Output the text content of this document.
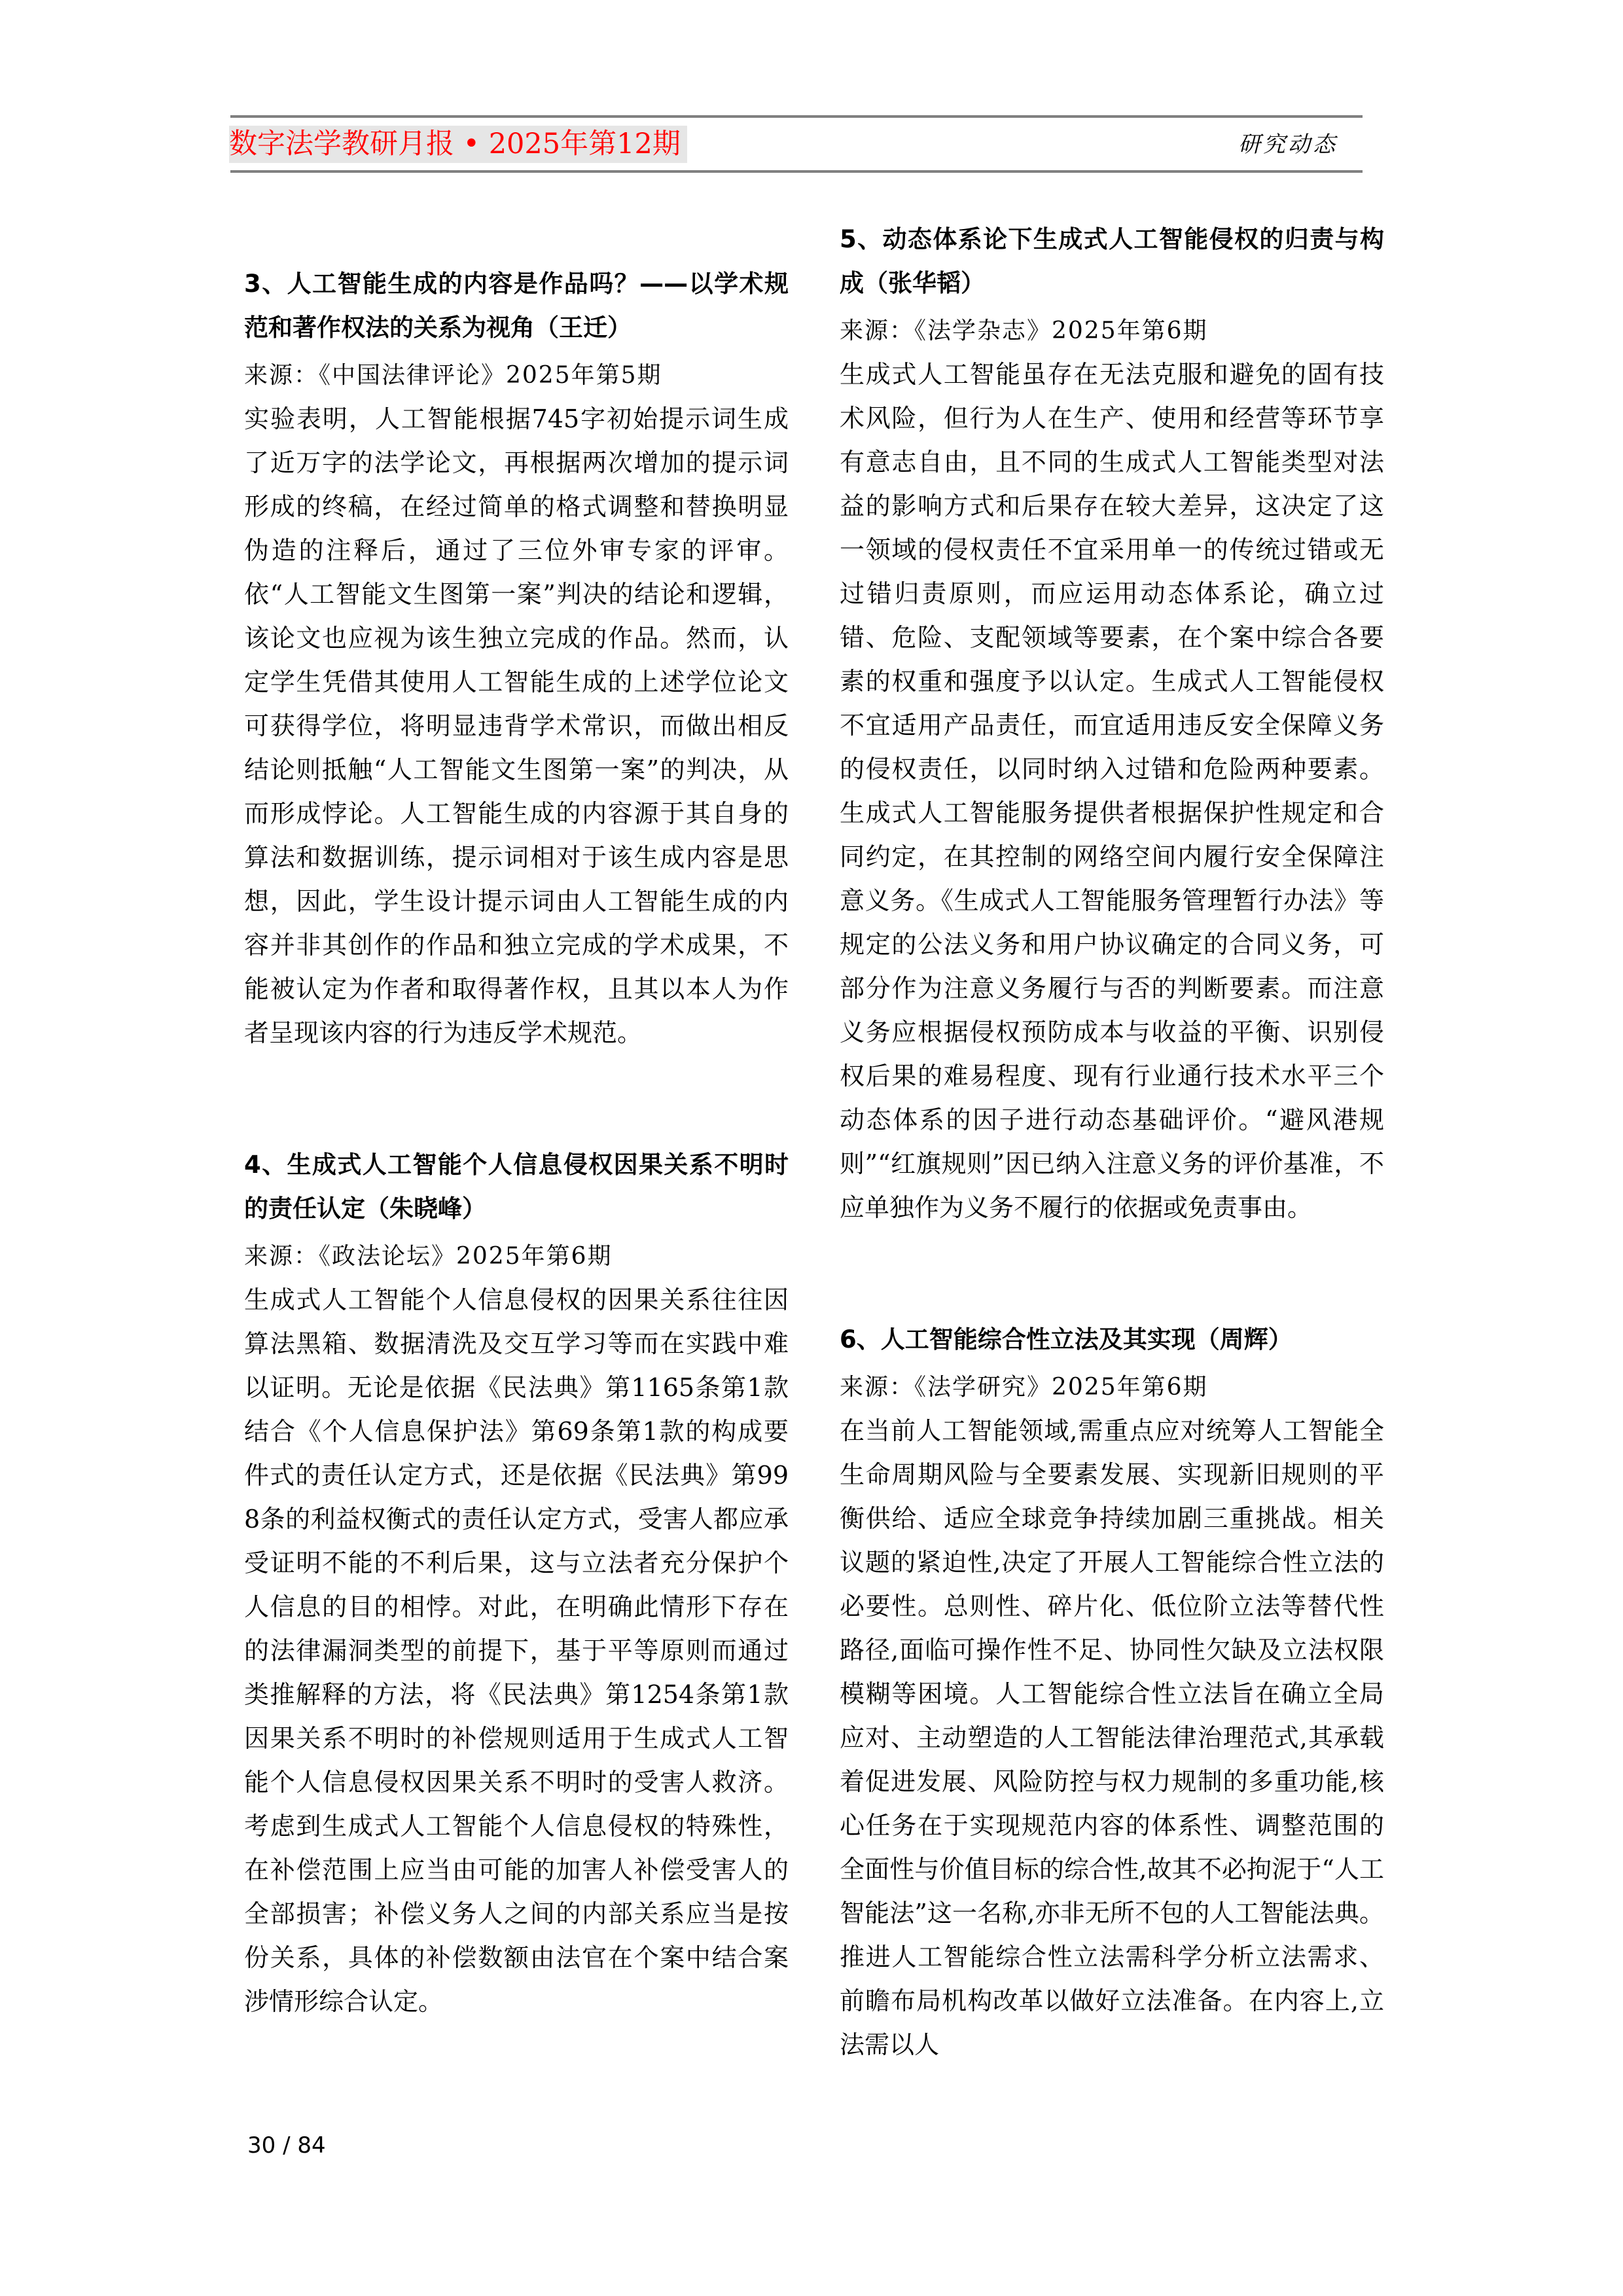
数字法学教研月报 • 2025年第12期	研究动态

3、人工智能生成的内容是作品吗？——以学术规范和著作权法的关系为视角（王迁）

来源：《中国法律评论》2025年第5期

实验表明，人工智能根据745字初始提示词生成了近万字的法学论文，再根据两次增加的提示词形成的终稿，在经过简单的格式调整和替换明显伪造的注释后，通过了三位外审专家的评审。依“人工智能文生图第一案”判决的结论和逻辑，该论文也应视为该生独立完成的作品。然而，认定学生凭借其使用人工智能生成的上述学位论文可获得学位，将明显违背学术常识，而做出相反结论则抵触“人工智能文生图第一案”的判决，从而形成悖论。人工智能生成的内容源于其自身的算法和数据训练，提示词相对于该生成内容是思想，因此，学生设计提示词由人工智能生成的内容并非其创作的作品和独立完成的学术成果，不能被认定为作者和取得著作权，且其以本人为作者呈现该内容的行为违反学术规范。

4、生成式人工智能个人信息侵权因果关系不明时的责任认定（朱晓峰）

来源：《政法论坛》2025年第6期

生成式人工智能个人信息侵权的因果关系往往因算法黑箱、数据清洗及交互学习等而在实践中难以证明。无论是依据《民法典》第1165条第1款结合《个人信息保护法》第69条第1款的构成要件式的责任认定方式，还是依据《民法典》第998条的利益权衡式的责任认定方式，受害人都应承受证明不能的不利后果，这与立法者充分保护个人信息的目的相悖。对此，在明确此情形下存在的法律漏洞类型的前提下，基于平等原则而通过类推解释的方法，将《民法典》第1254条第1款因果关系不明时的补偿规则适用于生成式人工智能个人信息侵权因果关系不明时的受害人救济。考虑到生成式人工智能个人信息侵权的特殊性，在补偿范围上应当由可能的加害人补偿受害人的全部损害；补偿义务人之间的内部关系应当是按份关系，具体的补偿数额由法官在个案中结合案涉情形综合认定。

5、动态体系论下生成式人工智能侵权的归责与构成（张华韬）

来源：《法学杂志》2025年第6期

生成式人工智能虽存在无法克服和避免的固有技术风险，但行为人在生产、使用和经营等环节享有意志自由，且不同的生成式人工智能类型对法益的影响方式和后果存在较大差异，这决定了这一领域的侵权责任不宜采用单一的传统过错或无过错归责原则，而应运用动态体系论，确立过错、危险、支配领域等要素，在个案中综合各要素的权重和强度予以认定。生成式人工智能侵权不宜适用产品责任，而宜适用违反安全保障义务的侵权责任，以同时纳入过错和危险两种要素。生成式人工智能服务提供者根据保护性规定和合同约定，在其控制的网络空间内履行安全保障注意义务。《生成式人工智能服务管理暂行办法》等规定的公法义务和用户协议确定的合同义务，可部分作为注意义务履行与否的判断要素。而注意义务应根据侵权预防成本与收益的平衡、识别侵权后果的难易程度、现有行业通行技术水平三个动态体系的因子进行动态基础评价。“避风港规则”“红旗规则”因已纳入注意义务的评价基准，不应单独作为义务不履行的依据或免责事由。

6、人工智能综合性立法及其实现（周辉）

来源：《法学研究》2025年第6期

在当前人工智能领域,需重点应对统筹人工智能全生命周期风险与全要素发展、实现新旧规则的平衡供给、适应全球竞争持续加剧三重挑战。相关议题的紧迫性,决定了开展人工智能综合性立法的必要性。总则性、碎片化、低位阶立法等替代性路径,面临可操作性不足、协同性欠缺及立法权限模糊等困境。人工智能综合性立法旨在确立全局应对、主动塑造的人工智能法律治理范式,其承载着促进发展、风险防控与权力规制的多重功能,核心任务在于实现规范内容的体系性、调整范围的全面性与价值目标的综合性,故其不必拘泥于“人工智能法”这一名称,亦非无所不包的人工智能法典。推进人工智能综合性立法需科学分析立法需求、前瞻布局机构改革以做好立法准备。在内容上,立法需以人

30 / 84
